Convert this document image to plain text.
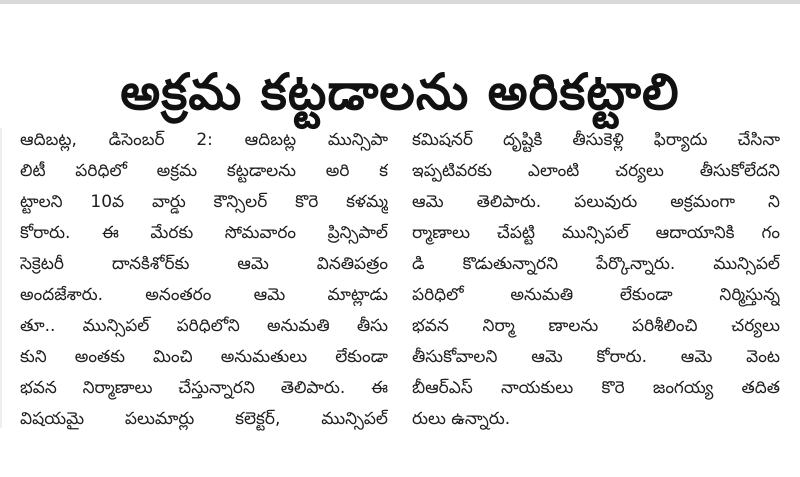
అక్రమ కట్టడాలను అరికట్టాలి
ఆదిబట్ల, డిసెంబర్ 2: ఆదిబట్ల మున్సిపా
లిటీ పరిధిలో అక్రమ కట్టడాలను అరి క
ట్టాలని 10వ వార్డు కౌన్సిలర్ కొరె కళమ్మ
కోరారు. ఈ మేరకు సోమవారం ప్రిన్సిపాల్
సెక్రెటరీ దానకిశోర్‌కు ఆమె వినతిపత్రం
అందజేశారు. అనంతరం ఆమె మాట్లాడు
తూ.. మున్సిపల్ పరిధిలోని అనుమతి తీసు
కుని అంతకు మించి అనుమతులు లేకుండా
భవన నిర్మాణాలు చేస్తున్నారని తెలిపారు. ఈ
విషయమై పలుమార్లు కలెక్టర్, మున్సిపల్
కమిషనర్ దృష్టికి తీసుకెళ్లి ఫిర్యాదు చేసినా
ఇప్పటివరకు ఎలాంటి చర్యలు తీసుకోలేదని
ఆమె తెలిపారు. పలువురు అక్రమంగా ని
ర్మాణాలు చేపట్టి మున్సిపల్ ఆదాయానికి గం
డి కొడుతున్నారని పేర్కొన్నారు. మున్సిపల్
పరిధిలో అనుమతి లేకుండా నిర్మిస్తున్న
భవన నిర్మా ణాలను పరిశీలించి చర్యలు
తీసుకోవాలని ఆమె కోరారు. ఆమె వెంట
బీఆర్ఎస్ నాయకులు కొరె జంగయ్య తదిత
రులు ఉన్నారు.
